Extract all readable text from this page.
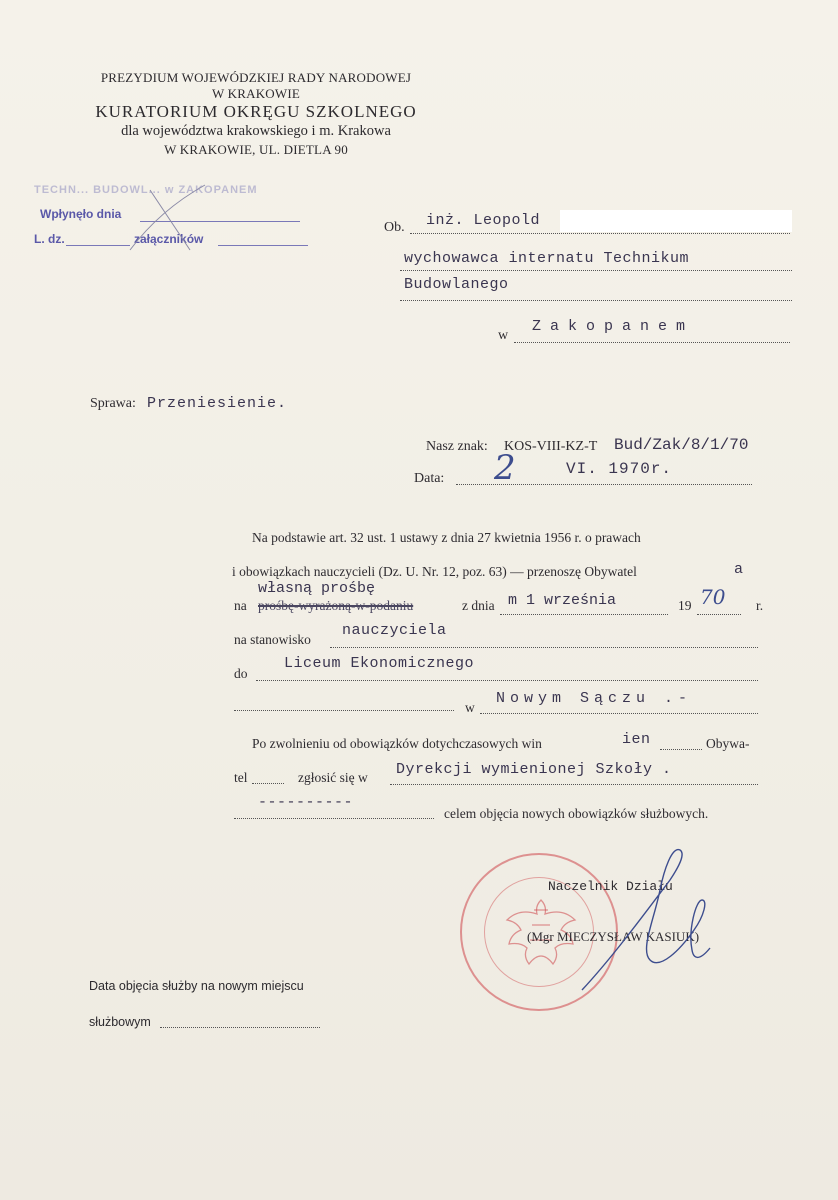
PREZYDIUM WOJEWÓDZKIEJ RADY NARODOWEJ
W KRAKOWIE
KURATORIUM OKRĘGU SZKOLNEGO
dla województwa krakowskiego i m. Krakowa
W KRAKOWIE, UL. DIETLA 90
TECHN... BUDOWL... w ZAKOPANEM
Wpłynęło dnia
L. dz.	załączników
Ob. inż. Leopold
wychowawca internatu Technikum
Budowlanego
w
Zakopanem
Sprawa: Przeniesienie.
Nasz znak: KOS-VIII-KZ-T Bud/Zak/8/1/70
Data: 2	VI. 1970r.
Na podstawie art. 32 ust. 1 ustawy z dnia 27 kwietnia 1956 r. o prawach
i obowiązkach nauczycieli (Dz. U. Nr. 12, poz. 63) — przenoszę Obywatel	a
własną prośbę
na prośbę-wyrażoną-w-podaniu	z dnia m 1 września	19 70 r.
na stanowisko
nauczyciela
do
Liceum Ekonomicznego
w
Nowym Sączu .-
Po zwolnieniu od obowiązków dotychczasowych win	ien	Obywa-
tel	zgłosić się w Dyrekcji wymienionej Szkoły .
----------
celem objęcia nowych obowiązków służbowych.
Naczelnik Działu
(Mgr MIECZYSŁAW KASIUK)
Data objęcia służby na nowym miejscu
służbowym
